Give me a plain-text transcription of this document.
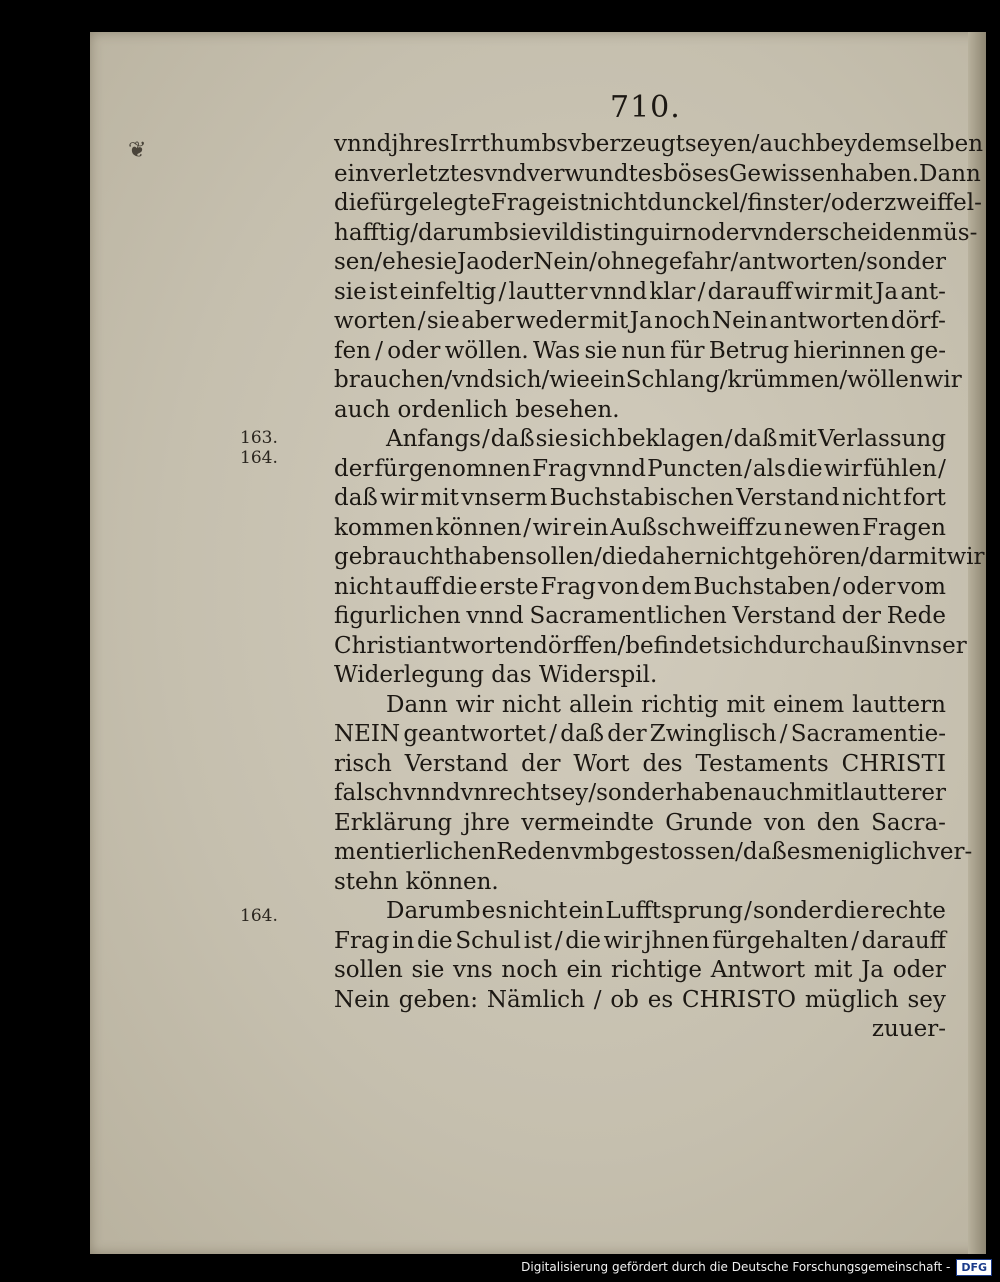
❦
710.
163.
164.
164.
vnnd jhres Irrthumbs vberzeugt seyen / auch bey demselben
ein verletztes vnd verwundtes böses Gewissen haben. Dann
die fürgelegte Frage ist nicht dunckel / finster / oder zweiffel-
hafftig / darumb sie vil distinguirn oder vnderscheiden müs-
sen / ehe sie Ja oder Nein / ohne gefahr / antworten / sonder
sie ist einfeltig / lautter vnnd klar / darauff wir mit Ja ant-
worten / sie aber weder mit Ja noch Nein antworten dörf-
fen / oder wöllen. Was sie nun für Betrug hierinnen ge-
brauchen / vnd sich / wie ein Schlang / krümmen / wöllen wir
auch ordenlich besehen.
Anfangs / daß sie sich beklagen / daß mit Verlassung
der fürgenomnen Frag vnnd Puncten / als die wir fühlen /
daß wir mit vnserm Buchstabischen Verstand nicht fort
kommen können / wir ein Außschweiff zu newen Fragen
gebraucht haben sollen / die daher nicht gehören / darmit wir
nicht auff die erste Frag von dem Buchstaben / oder vom
figurlichen vnnd Sacramentlichen Verstand der Rede
Christi antworten dörffen / befindet sich durchauß in vnser
Widerlegung das Widerspil.
Dann wir nicht allein richtig mit einem lauttern
NEIN geantwortet / daß der Zwinglisch / Sacramentie-
risch Verstand der Wort des Testaments CHRISTI
falsch vnnd vnrecht sey / sonder haben auch mit lautterer
Erklärung jhre vermeindte Grunde von den Sacra-
mentierlichen Reden vmbgestossen / daß es meniglich ver-
stehn können.
Darumb es nicht ein Lufftsprung / sonder die rechte
Frag in die Schul ist / die wir jhnen fürgehalten / darauff
sollen sie vns noch ein richtige Antwort mit Ja oder
Nein geben: Nämlich / ob es CHRISTO müglich sey
zuuer-
Digitalisierung gefördert durch die Deutsche Forschungsgemeinschaft -	DFG
